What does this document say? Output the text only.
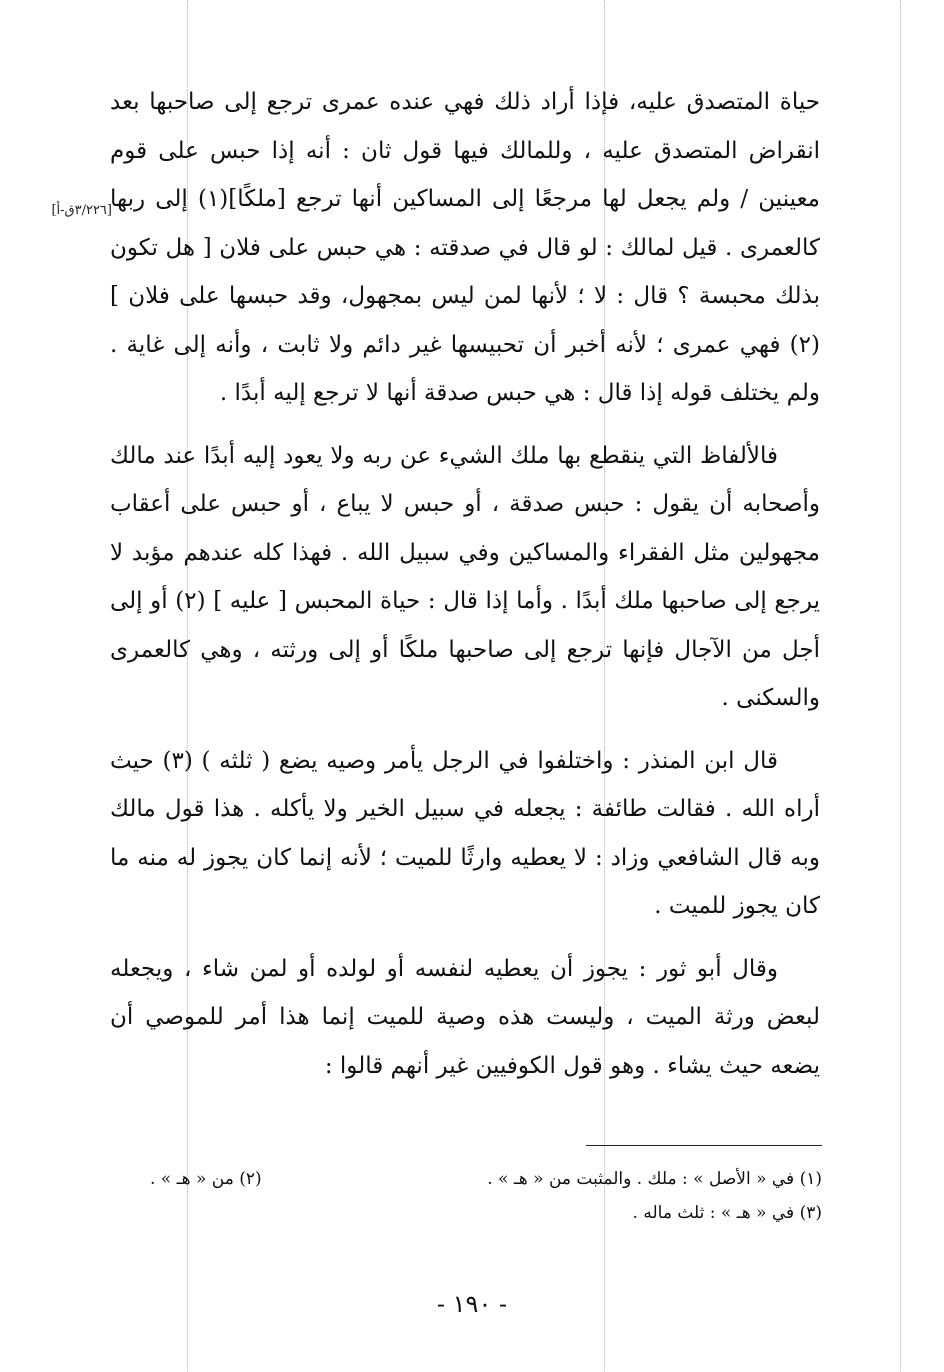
[٣/٢٢٦ق-أ]

حياة المتصدق عليه، فإذا أراد ذلك فهي عنده عمرى ترجع إلى صاحبها بعد انقراض المتصدق عليه ، وللمالك فيها قول ثان : أنه إذا حبس على قوم معينين / ولم يجعل لها مرجعًا إلى المساكين أنها ترجع [ملكًا](١) إلى ربها كالعمرى . قيل لمالك : لو قال في صدقته : هي حبس على فلان [ هل تكون بذلك محبسة ؟ قال : لا ؛ لأنها لمن ليس بمجهول، وقد حبسها على فلان ] (٢) فهي عمرى ؛ لأنه أخبر أن تحبيسها غير دائم ولا ثابت ، وأنه إلى غاية . ولم يختلف قوله إذا قال : هي حبس صدقة أنها لا ترجع إليه أبدًا .

فالألفاظ التي ينقطع بها ملك الشيء عن ربه ولا يعود إليه أبدًا عند مالك وأصحابه أن يقول : حبس صدقة ، أو حبس لا يباع ، أو حبس على أعقاب مجهولين مثل الفقراء والمساكين وفي سبيل الله . فهذا كله عندهم مؤبد لا يرجع إلى صاحبها ملك أبدًا . وأما إذا قال : حياة المحبس [ عليه ] (٢) أو إلى أجل من الآجال فإنها ترجع إلى صاحبها ملكًا أو إلى ورثته ، وهي كالعمرى والسكنى .

قال ابن المنذر : واختلفوا في الرجل يأمر وصيه يضع ( ثلثه ) (٣) حيث أراه الله . فقالت طائفة : يجعله في سبيل الخير ولا يأكله . هذا قول مالك وبه قال الشافعي وزاد : لا يعطيه وارثًا للميت ؛ لأنه إنما كان يجوز له منه ما كان يجوز للميت .

وقال أبو ثور : يجوز أن يعطيه لنفسه أو لولده أو لمن شاء ، ويجعله لبعض ورثة الميت ، وليست هذه وصية للميت إنما هذا أمر للموصي أن يضعه حيث يشاء . وهو قول الكوفيين غير أنهم قالوا :

(١) في « الأصل » : ملك . والمثبت من « هـ » .
(٢) من « هـ » .
(٣) في « هـ » : ثلث ماله .
- ١٩٠ -
